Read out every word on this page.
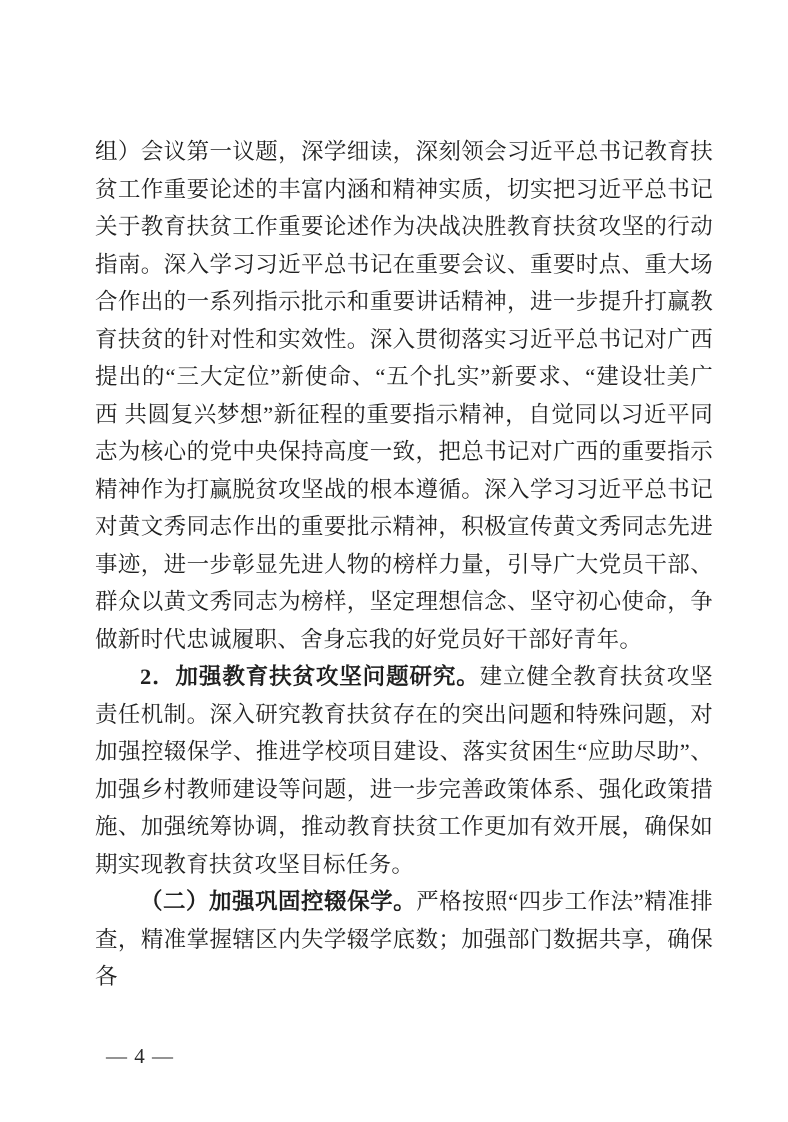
组）会议第一议题，深学细读，深刻领会习近平总书记教育扶贫工作重要论述的丰富内涵和精神实质，切实把习近平总书记关于教育扶贫工作重要论述作为决战决胜教育扶贫攻坚的行动指南。深入学习习近平总书记在重要会议、重要时点、重大场合作出的一系列指示批示和重要讲话精神，进一步提升打赢教育扶贫的针对性和实效性。深入贯彻落实习近平总书记对广西提出的“三大定位”新使命、“五个扎实”新要求、“建设壮美广西 共圆复兴梦想”新征程的重要指示精神，自觉同以习近平同志为核心的党中央保持高度一致，把总书记对广西的重要指示精神作为打赢脱贫攻坚战的根本遵循。深入学习习近平总书记对黄文秀同志作出的重要批示精神，积极宣传黄文秀同志先进事迹，进一步彰显先进人物的榜样力量，引导广大党员干部、群众以黄文秀同志为榜样，坚定理想信念、坚守初心使命，争做新时代忠诚履职、舍身忘我的好党员好干部好青年。

2．加强教育扶贫攻坚问题研究。建立健全教育扶贫攻坚责任机制。深入研究教育扶贫存在的突出问题和特殊问题，对加强控辍保学、推进学校项目建设、落实贫困生“应助尽助”、加强乡村教师建设等问题，进一步完善政策体系、强化政策措施、加强统筹协调，推动教育扶贫工作更加有效开展，确保如期实现教育扶贫攻坚目标任务。

（二）加强巩固控辍保学。严格按照“四步工作法”精准排查，精准掌握辖区内失学辍学底数；加强部门数据共享，确保各

— 4 —
